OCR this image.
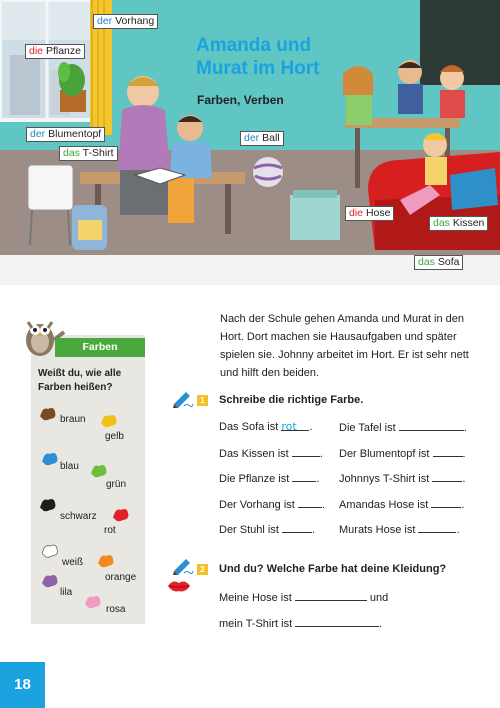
Amanda und
Murat im Hort
Farben, Verben
der Vorhang
die Pflanze
der Blumentopf
das T-Shirt
der Ball
die Hose
das Kissen
das Sofa
Farben
Weißt du, wie alle Farben heißen?
braun
gelb
blau
grün
schwarz
rot
weiß
orange
lila
rosa
Nach der Schule gehen Amanda und Murat in den Hort. Dort machen sie Hausaufgaben und später spielen sie. Johnny arbeitet im Hort. Er ist sehr nett und hilft den beiden.
1 Schreibe die richtige Farbe.
Das Sofa ist rot . Die Tafel ist	.
Das Kissen ist	. Der Blumentopf ist	.
Die Pflanze ist . Johnnys T-Shirt ist	.
Der Vorhang ist . Amandas Hose ist	.
Der Stuhl ist	. Murats Hose ist	.
2 Und du? Welche Farbe hat deine Kleidung?
Meine Hose ist	und
mein T-Shirt ist	.
18
